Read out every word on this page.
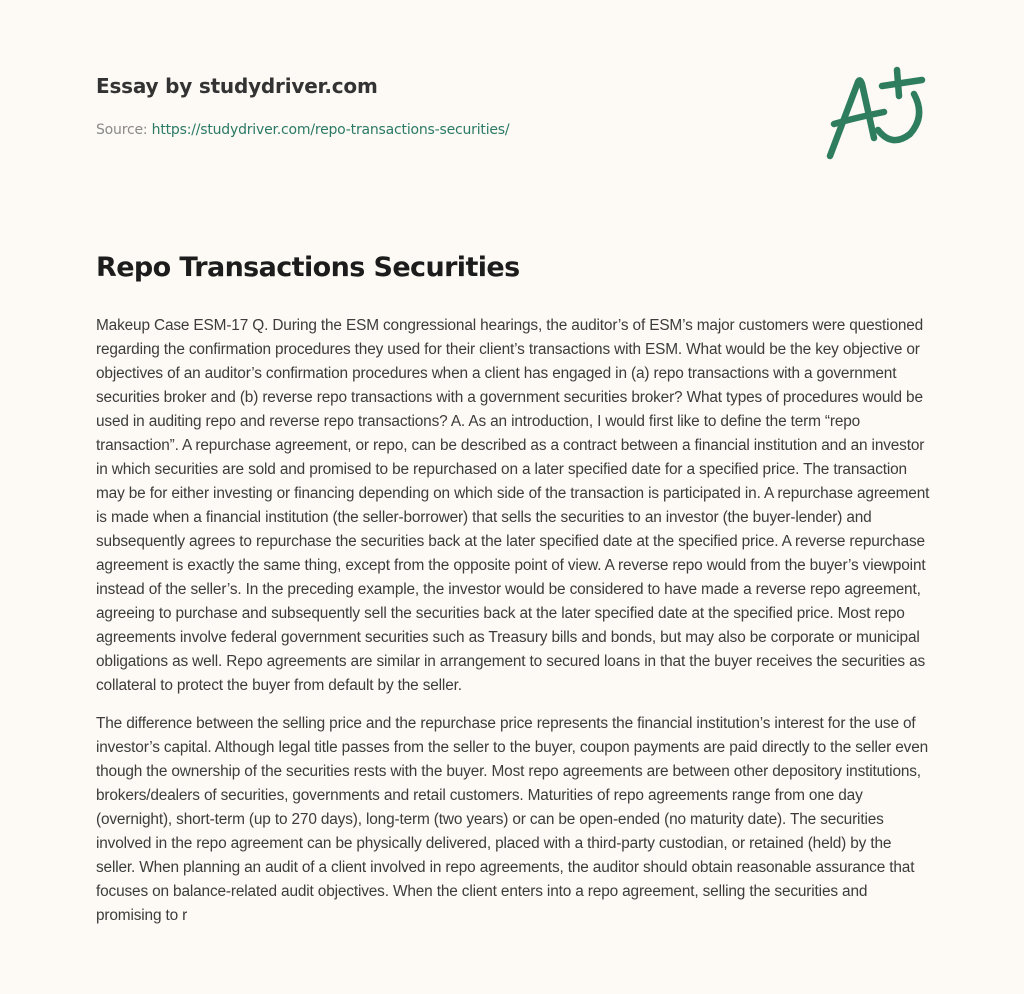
Essay by studydriver.com
Source: https://studydriver.com/repo-transactions-securities/
Repo Transactions Securities

Makeup Case ESM-17 Q. During the ESM congressional hearings, the auditor’s of ESM’s major customers were questioned regarding the confirmation procedures they used for their client’s transactions with ESM. What would be the key objective or objectives of an auditor’s confirmation procedures when a client has engaged in (a) repo transactions with a government securities broker and (b) reverse repo transactions with a government securities broker? What types of procedures would be used in auditing repo and reverse repo transactions? A. As an introduction, I would first like to define the term “repo transaction”. A repurchase agreement, or repo, can be described as a contract between a financial institution and an investor in which securities are sold and promised to be repurchased on a later specified date for a specified price. The transaction may be for either investing or financing depending on which side of the transaction is participated in. A repurchase agreement is made when a financial institution (the seller-borrower) that sells the securities to an investor (the buyer-lender) and subsequently agrees to repurchase the securities back at the later specified date at the specified price. A reverse repurchase agreement is exactly the same thing, except from the opposite point of view. A reverse repo would from the buyer’s viewpoint instead of the seller’s. In the preceding example, the investor would be considered to have made a reverse repo agreement, agreeing to purchase and subsequently sell the securities back at the later specified date at the specified price. Most repo agreements involve federal government securities such as Treasury bills and bonds, but may also be corporate or municipal obligations as well. Repo agreements are similar in arrangement to secured loans in that the buyer receives the securities as collateral to protect the buyer from default by the seller.

The difference between the selling price and the repurchase price represents the financial institution’s interest for the use of investor’s capital. Although legal title passes from the seller to the buyer, coupon payments are paid directly to the seller even though the ownership of the securities rests with the buyer. Most repo agreements are between other depository institutions, brokers/dealers of securities, governments and retail customers. Maturities of repo agreements range from one day (overnight), short-term (up to 270 days), long-term (two years) or can be open-ended (no maturity date). The securities involved in the repo agreement can be physically delivered, placed with a third-party custodian, or retained (held) by the seller. When planning an audit of a client involved in repo agreements, the auditor should obtain reasonable assurance that focuses on balance-related audit objectives. When the client enters into a repo agreement, selling the securities and promising to r
